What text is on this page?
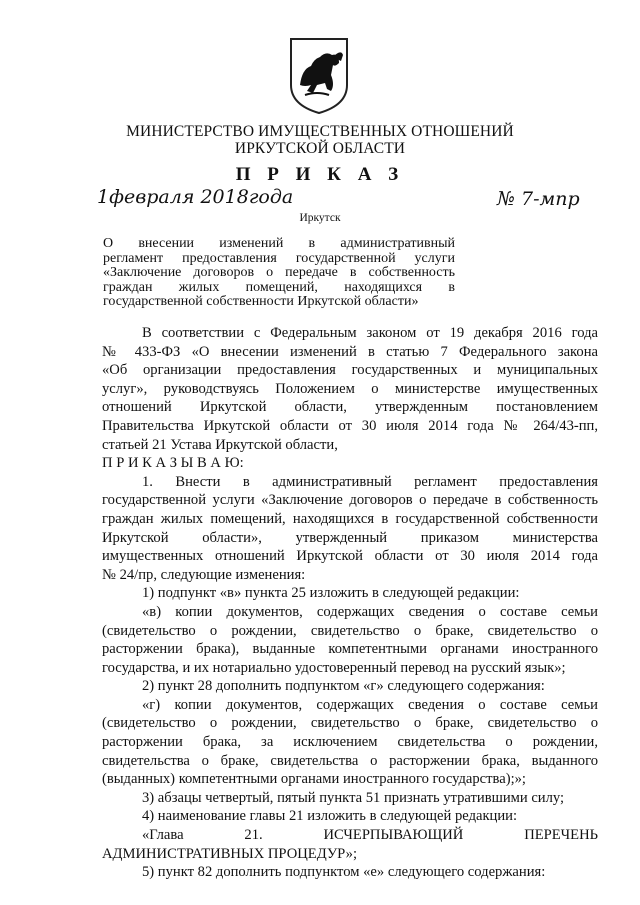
МИНИСТЕРСТВО ИМУЩЕСТВЕННЫХ ОТНОШЕНИЙ
ИРКУТСКОЙ ОБЛАСТИ
П Р И К А З
1февраля 2018года	№ 7-мпр
Иркутск
О внесении изменений в административный
регламент предоставления государственной услуги
«Заключение договоров о передаче в собственность
граждан жилых помещений, находящихся в
государственной собственности Иркутской области»
В соответствии с Федеральным законом от 19 декабря 2016 года
№ 433-ФЗ «О внесении изменений в статью 7 Федерального закона
«Об организации предоставления государственных и муниципальных
услуг», руководствуясь Положением о министерстве имущественных
отношений Иркутской области, утвержденным постановлением
Правительства Иркутской области от 30 июля 2014 года № 264/43-пп,
статьей 21 Устава Иркутской области,
П Р И К А З Ы В А Ю:
1. Внести в административный регламент предоставления
государственной услуги «Заключение договоров о передаче в собственность
граждан жилых помещений, находящихся в государственной собственности
Иркутской области», утвержденный приказом министерства
имущественных отношений Иркутской области от 30 июля 2014 года
№ 24/пр, следующие изменения:
1) подпункт «в» пункта 25 изложить в следующей редакции:
«в) копии документов, содержащих сведения о составе семьи
(свидетельство о рождении, свидетельство о браке, свидетельство о
расторжении брака), выданные компетентными органами иностранного
государства, и их нотариально удостоверенный перевод на русский язык»;
2) пункт 28 дополнить подпунктом «г» следующего содержания:
«г) копии документов, содержащих сведения о составе семьи
(свидетельство о рождении, свидетельство о браке, свидетельство о
расторжении брака, за исключением свидетельства о рождении,
свидетельства о браке, свидетельства о расторжении брака, выданного
(выданных) компетентными органами иностранного государства);»;
3) абзацы четвертый, пятый пункта 51 признать утратившими силу;
4) наименование главы 21 изложить в следующей редакции:
«Глава 21. ИСЧЕРПЫВАЮЩИЙ ПЕРЕЧЕНЬ
АДМИНИСТРАТИВНЫХ ПРОЦЕДУР»;
5) пункт 82 дополнить подпунктом «е» следующего содержания:
